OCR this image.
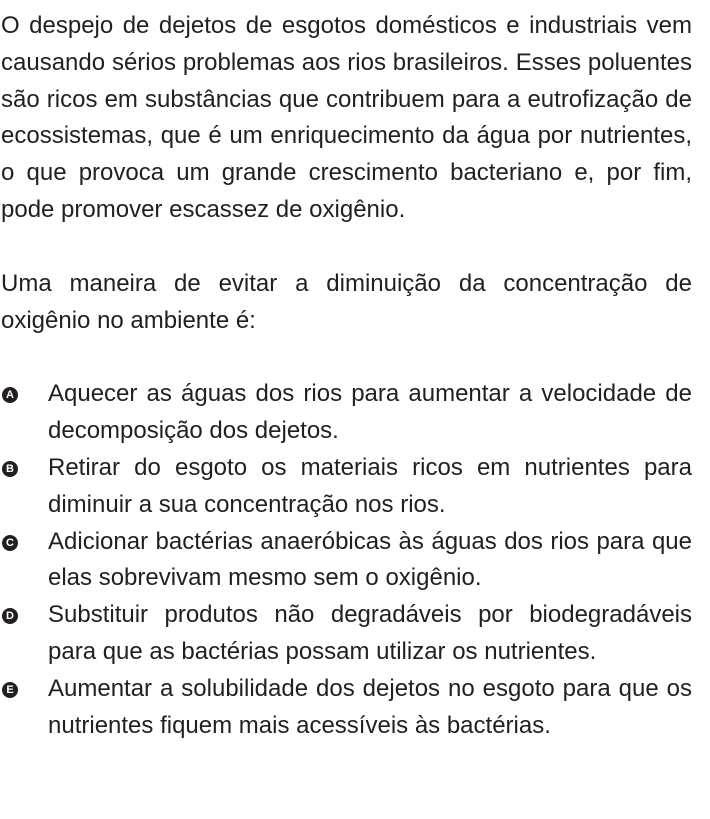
O despejo de dejetos de esgotos domésticos e industriais vem causando sérios problemas aos rios brasileiros. Esses poluentes são ricos em substâncias que contribuem para a eutrofização de ecossistemas, que é um enriquecimento da água por nutrientes, o que provoca um grande crescimento bacteriano e, por fim, pode promover escassez de oxigênio.

Uma maneira de evitar a diminuição da concentração de oxigênio no ambiente é:

A Aquecer as águas dos rios para aumentar a velocidade de decomposição dos dejetos.
B Retirar do esgoto os materiais ricos em nutrientes para diminuir a sua concentração nos rios.
C Adicionar bactérias anaeróbicas às águas dos rios para que elas sobrevivam mesmo sem o oxigênio.
D Substituir produtos não degradáveis por biodegradáveis para que as bactérias possam utilizar os nutrientes.
E Aumentar a solubilidade dos dejetos no esgoto para que os nutrientes fiquem mais acessíveis às bactérias.
